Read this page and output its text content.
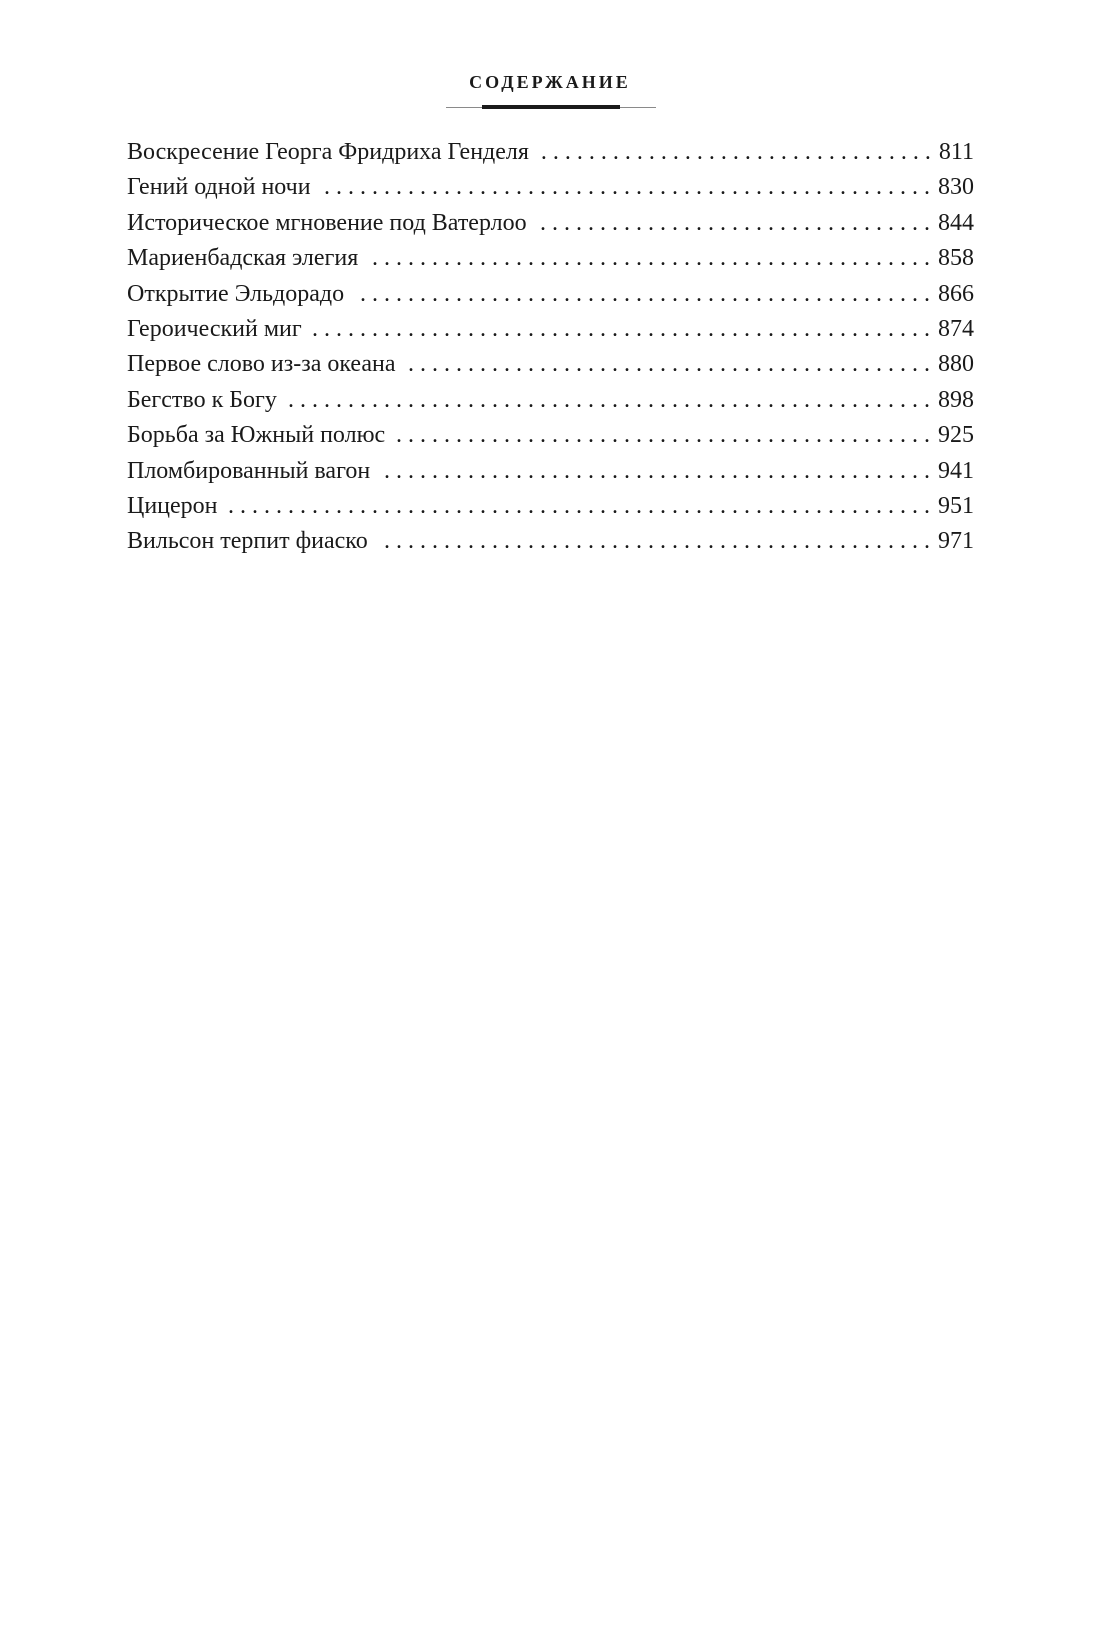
СОДЕРЖАНИЕ
Воскресение Георга Фридриха Генделя . . .	811
Гений одной ночи . . .	830
Историческое мгновение под Ватерлоо . . .	844
Мариенбадская элегия . . .	858
Открытие Эльдорадо . . .	866
Героический миг . . .	874
Первое слово из-за океана . . .	880
Бегство к Богу . . .	898
Борьба за Южный полюс . . .	925
Пломбированный вагон . . .	941
Цицерон . . .	951
Вильсон терпит фиаско . . .	971
